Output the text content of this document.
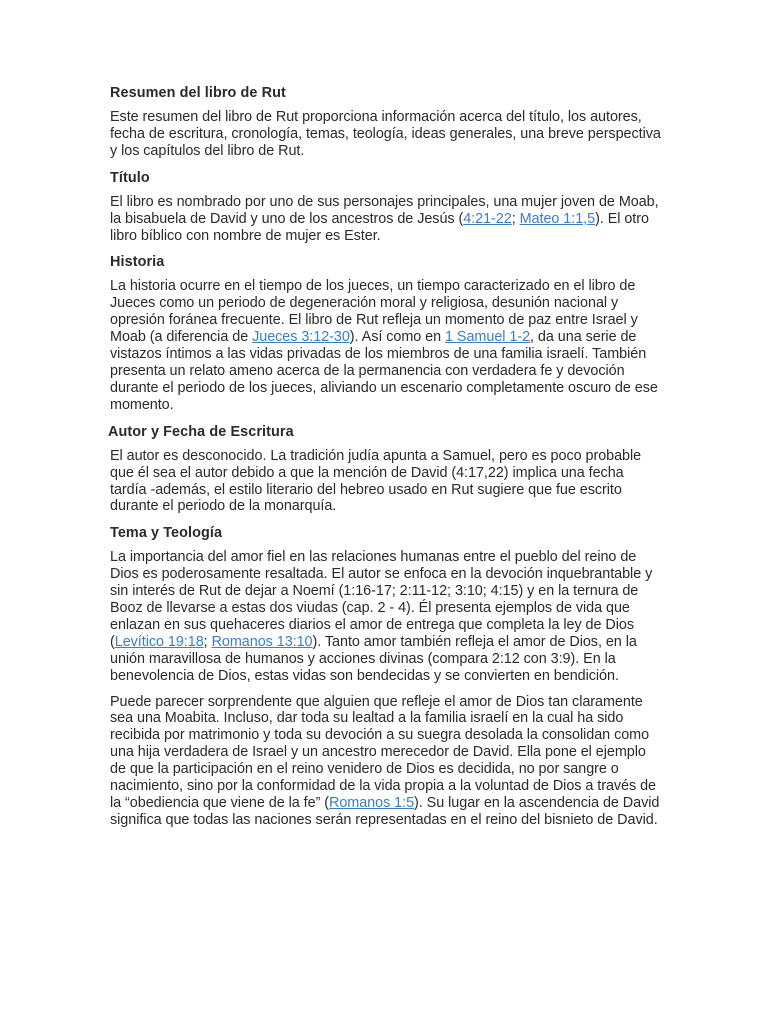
Resumen del libro de Rut

Este resumen del libro de Rut proporciona información acerca del título, los autores, fecha de escritura, cronología, temas, teología, ideas generales, una breve perspectiva y los capítulos del libro de Rut.

Título

El libro es nombrado por uno de sus personajes principales, una mujer joven de Moab, la bisabuela de David y uno de los ancestros de Jesús (4:21-22; Mateo 1:1,5). El otro libro bíblico con nombre de mujer es Ester.

Historia

La historia ocurre en el tiempo de los jueces, un tiempo caracterizado en el libro de Jueces como un periodo de degeneración moral y religiosa, desunión nacional y opresión foránea frecuente. El libro de Rut refleja un momento de paz entre Israel y Moab (a diferencia de Jueces 3:12-30). Así como en 1 Samuel 1-2, da una serie de vistazos íntimos a las vidas privadas de los miembros de una familia israelí. También presenta un relato ameno acerca de la permanencia con verdadera fe y devoción durante el periodo de los jueces, aliviando un escenario completamente oscuro de ese momento.

Autor y Fecha de Escritura

El autor es desconocido. La tradición judía apunta a Samuel, pero es poco probable que él sea el autor debido a que la mención de David (4:17,22) implica una fecha tardía -además, el estilo literario del hebreo usado en Rut sugiere que fue escrito durante el periodo de la monarquía.

Tema y Teología

La importancia del amor fiel en las relaciones humanas entre el pueblo del reino de Dios es poderosamente resaltada. El autor se enfoca en la devoción inquebrantable y sin interés de Rut de dejar a Noemí (1:16-17; 2:11-12; 3:10; 4:15) y en la ternura de Booz de llevarse a estas dos viudas (cap. 2 - 4). Él presenta ejemplos de vida que enlazan en sus quehaceres diarios el amor de entrega que completa la ley de Dios (Levítico 19:18; Romanos 13:10). Tanto amor también refleja el amor de Dios, en la unión maravillosa de humanos y acciones divinas (compara 2:12 con 3:9). En la benevolencia de Dios, estas vidas son bendecidas y se convierten en bendición.

Puede parecer sorprendente que alguien que refleje el amor de Dios tan claramente sea una Moabita. Incluso, dar toda su lealtad a la familia israelí en la cual ha sido recibida por matrimonio y toda su devoción a su suegra desolada la consolidan como una hija verdadera de Israel y un ancestro merecedor de David. Ella pone el ejemplo de que la participación en el reino venidero de Dios es decidida, no por sangre o nacimiento, sino por la conformidad de la vida propia a la voluntad de Dios a través de la “obediencia que viene de la fe” (Romanos 1:5). Su lugar en la ascendencia de David significa que todas las naciones serán representadas en el reino del bisnieto de David.
